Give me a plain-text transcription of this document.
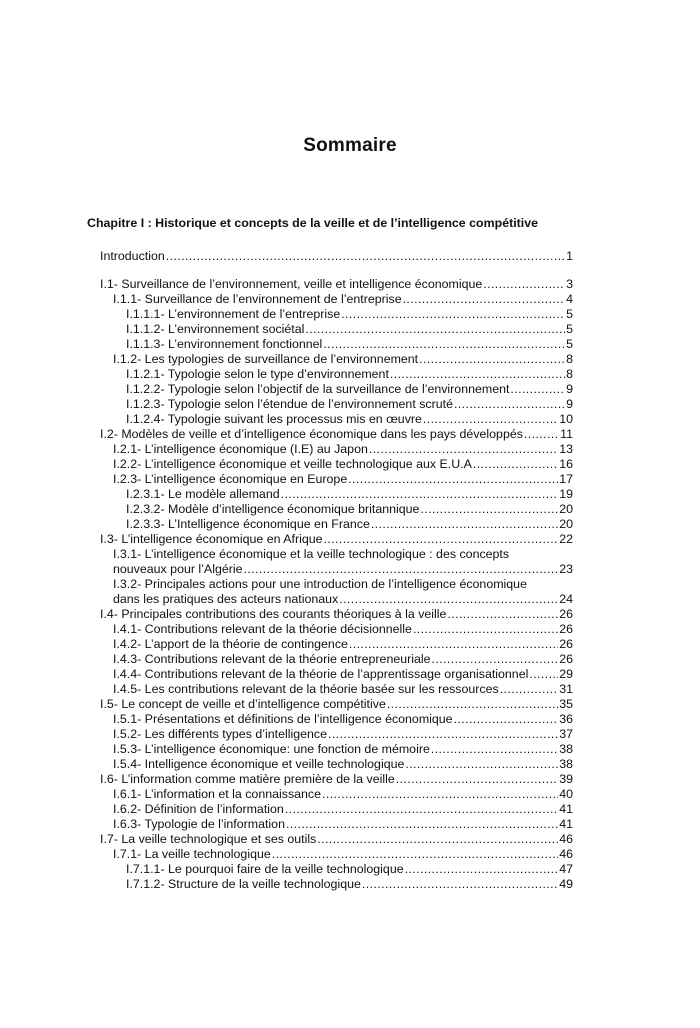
Sommaire
Chapitre I : Historique et concepts de la veille et de l’intelligence compétitive
Introduction .....	1
I.1- Surveillance de l’environnement, veille et intelligence économique .....	3
I.1.1- Surveillance de l’environnement de l’entreprise .....	4
I.1.1.1- L’environnement de l’entreprise .....	5
I.1.1.2- L’environnement sociétal .....	5
I.1.1.3- L’environnement fonctionnel .....	5
I.1.2- Les typologies de surveillance de l’environnement .....	8
I.1.2.1- Typologie selon le type d’environnement .....	8
I.1.2.2- Typologie selon l’objectif de la surveillance de l’environnement .....	9
I.1.2.3- Typologie selon l’étendue de l’environnement scruté .....	9
I.1.2.4- Typologie suivant les processus mis en œuvre .....	10
I.2- Modèles de veille et d’intelligence économique dans les pays développés .....	11
I.2.1- L’intelligence économique (I.E) au Japon .....	13
I.2.2- L’intelligence économique et veille technologique aux E.U.A .....	16
I.2.3- L’intelligence économique en Europe .....	17
I.2.3.1- Le modèle allemand .....	19
I.2.3.2- Modèle d’intelligence économique britannique .....	20
I.2.3.3- L’Intelligence économique en France .....	20
I.3- L’intelligence économique en Afrique .....	22
I.3.1- L’intelligence économique et la veille technologique : des concepts
nouveaux pour l’Algérie .....	23
I.3.2- Principales actions pour une introduction de l’intelligence économique
dans les pratiques des acteurs nationaux .....	24
I.4- Principales contributions des courants théoriques à la veille .....	26
I.4.1- Contributions relevant de la théorie décisionnelle .....	26
I.4.2- L’apport de la théorie de contingence .....	26
I.4.3- Contributions relevant de la théorie entrepreneuriale .....	26
I.4.4- Contributions relevant de la théorie de l’apprentissage organisationnel ..... 29
I.4.5- Les contributions relevant de la théorie basée sur les ressources .....	31
I.5- Le concept de veille et d’intelligence compétitive .....	35
I.5.1- Présentations et définitions de l’intelligence économique .....	36
I.5.2- Les différents types d’intelligence .....	37
I.5.3- L’intelligence économique: une fonction de mémoire .....	38
I.5.4- Intelligence économique et veille technologique .....	38
I.6- L’information comme matière première de la veille .....	39
I.6.1- L’information et la connaissance .....	40
I.6.2- Définition de l’information .....	41
I.6.3- Typologie de l’information .....	41
I.7- La veille technologique et ses outils .....	46
I.7.1- La veille technologique .....	46
I.7.1.1- Le pourquoi faire de la veille technologique .....	47
I.7.1.2- Structure de la veille technologique .....	49
